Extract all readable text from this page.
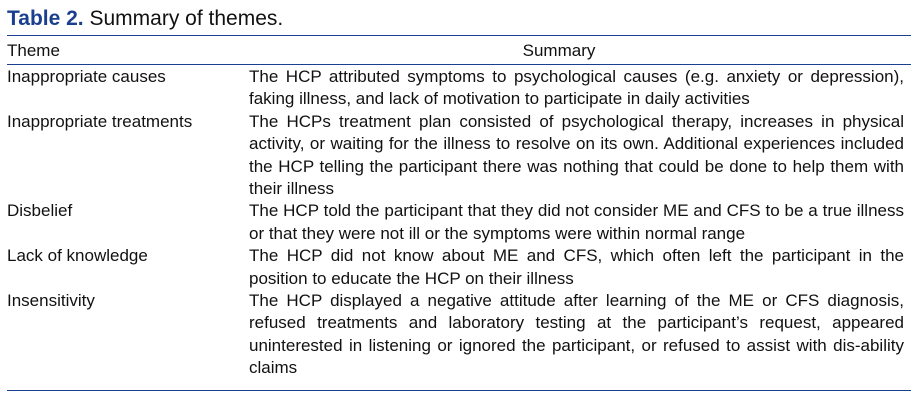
Table 2. Summary of themes.
Theme	Summary
Inappropriate causes	The HCP attributed symptoms to psychological causes (e.g. anxiety or depression), faking illness, and lack of motivation to participate in daily activities
Inappropriate treatments	The HCPs treatment plan consisted of psychological therapy, increases in physical activity, or waiting for the illness to resolve on its own. Additional experiences included the HCP telling the participant there was nothing that could be done to help them with their illness
Disbelief	The HCP told the participant that they did not consider ME and CFS to be a true illness or that they were not ill or the symptoms were within normal range
Lack of knowledge	The HCP did not know about ME and CFS, which often left the participant in the position to educate the HCP on their illness
Insensitivity	The HCP displayed a negative attitude after learning of the ME or CFS diagnosis, refused treatments and laboratory testing at the participant’s request, appeared uninterested in listening or ignored the participant, or refused to assist with dis-ability claims
